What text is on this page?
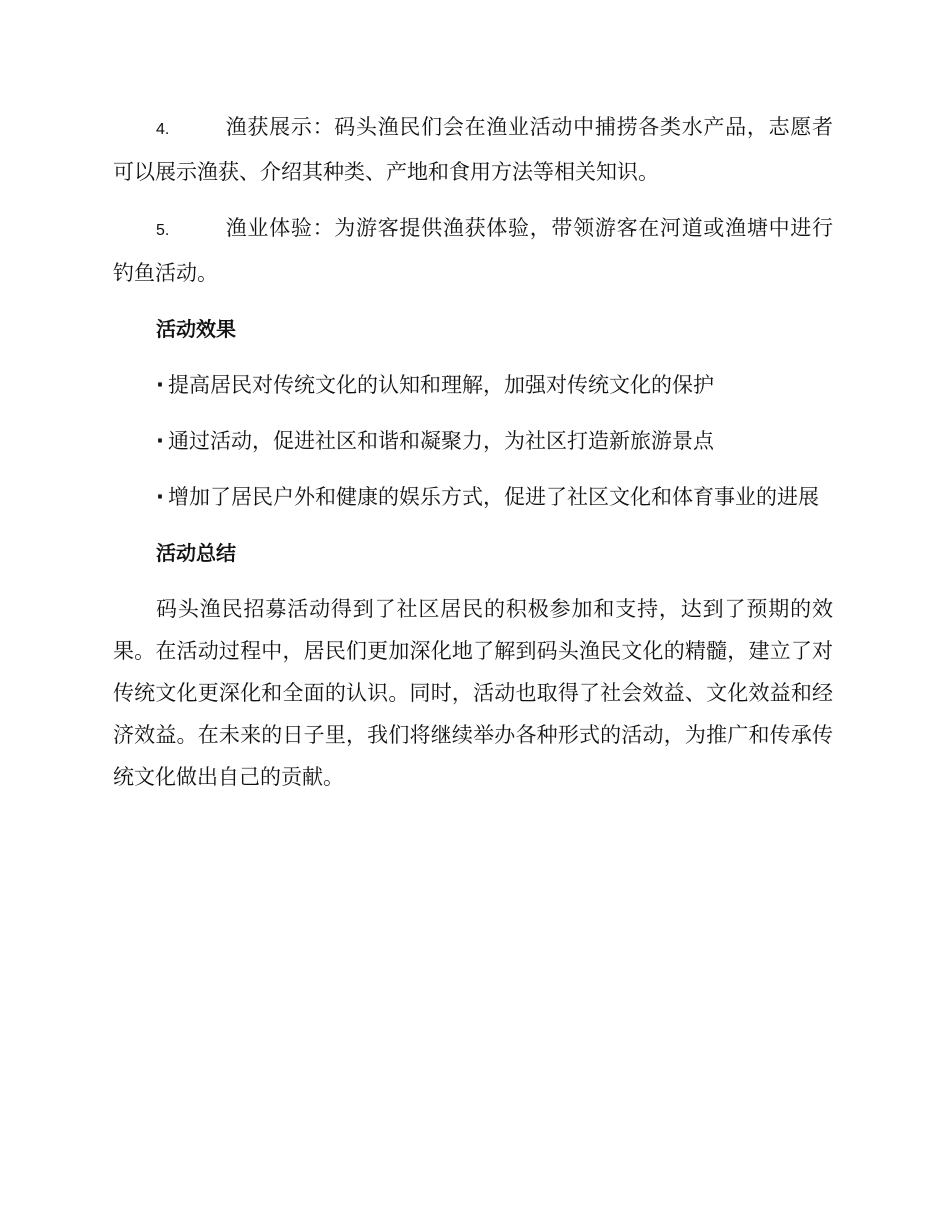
4.	渔获展示：码头渔民们会在渔业活动中捕捞各类水产品，志愿者可以展示渔获、介绍其种类、产地和食用方法等相关知识。

5.	渔业体验：为游客提供渔获体验，带领游客在河道或渔塘中进行钓鱼活动。

活动效果

· 提高居民对传统文化的认知和理解，加强对传统文化的保护

· 通过活动，促进社区和谐和凝聚力，为社区打造新旅游景点

· 增加了居民户外和健康的娱乐方式，促进了社区文化和体育事业的进展

活动总结

码头渔民招募活动得到了社区居民的积极参加和支持，达到了预期的效果。在活动过程中，居民们更加深化地了解到码头渔民文化的精髓，建立了对传统文化更深化和全面的认识。同时，活动也取得了社会效益、文化效益和经济效益。在未来的日子里，我们将继续举办各种形式的活动，为推广和传承传统文化做出自己的贡献。
